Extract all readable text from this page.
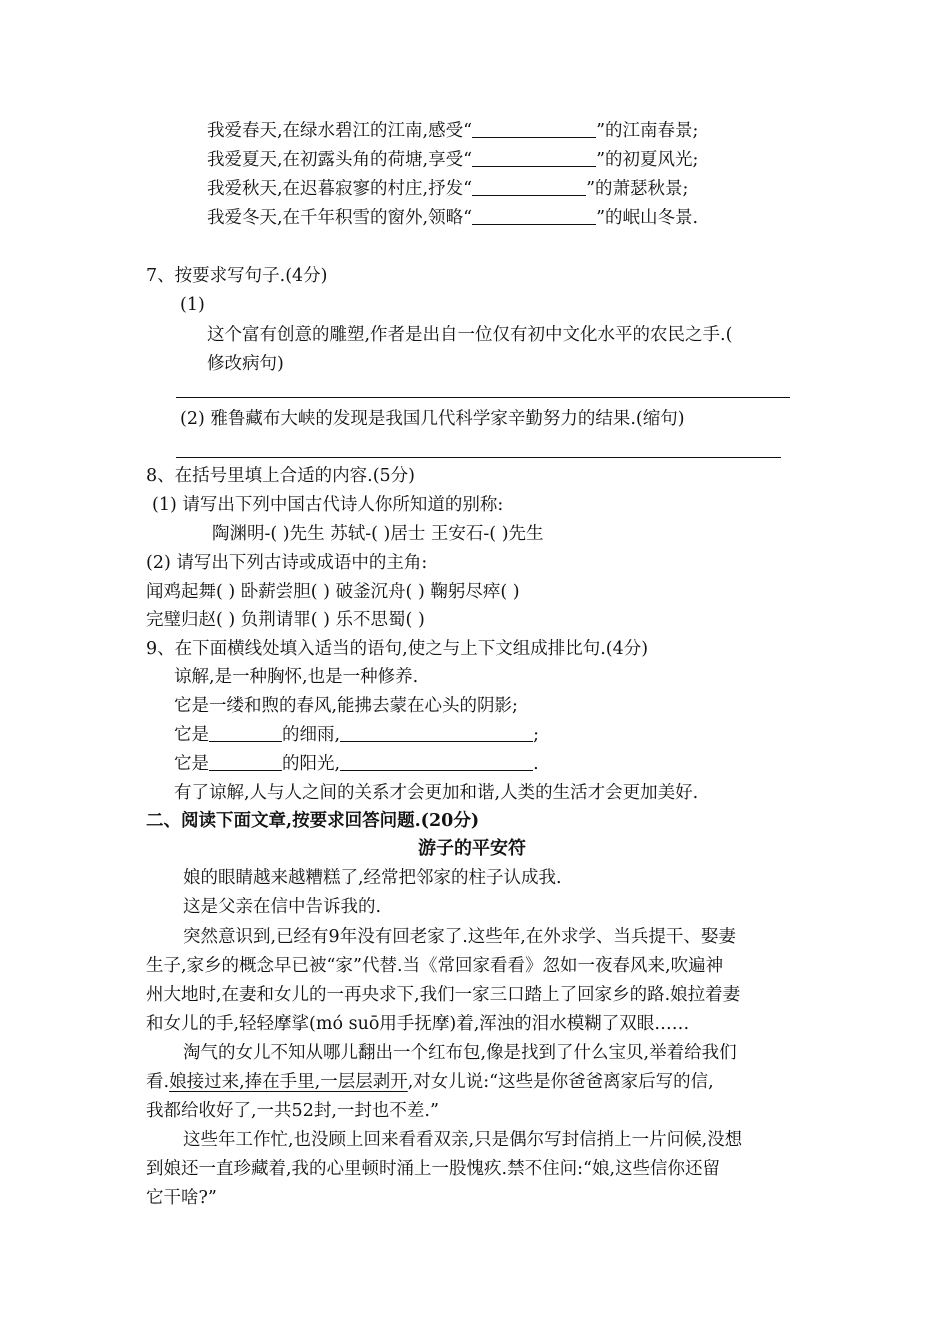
我爱春天,在绿水碧江的江南,感受“	”的江南春景;
我爱夏天,在初露头角的荷塘,享受“	”的初夏风光;
我爱秋天,在迟暮寂寥的村庄,抒发“	”的萧瑟秋景;
我爱冬天,在千年积雪的窗外,领略“	”的岷山冬景.
7、按要求写句子.(4分)
(1)
这个富有创意的雕塑,作者是出自一位仅有初中文化水平的农民之手.(
修改病句)
(2) 雅鲁藏布大峡的发现是我国几代科学家辛勤努力的结果.(缩句)
8、在括号里填上合适的内容.(5分)
(1) 请写出下列中国古代诗人你所知道的别称:
陶渊明-( )先生 苏轼-( )居士 王安石-( )先生
(2) 请写出下列古诗或成语中的主角:
闻鸡起舞( ) 卧薪尝胆( ) 破釜沉舟( ) 鞠躬尽瘁( )
完璧归赵( ) 负荆请罪( ) 乐不思蜀( )
9、在下面横线处填入适当的语句,使之与上下文组成排比句.(4分)
谅解,是一种胸怀,也是一种修养.
它是一缕和煦的春风,能拂去蒙在心头的阴影;
它是	的细雨,	;
它是	的阳光,	.
有了谅解,人与人之间的关系才会更加和谐,人类的生活才会更加美好.
二、阅读下面文章,按要求回答问题.(20分)
游子的平安符
娘的眼睛越来越糟糕了,经常把邻家的柱子认成我.
这是父亲在信中告诉我的.
突然意识到,已经有9年没有回老家了.这些年,在外求学、当兵提干、娶妻
生子,家乡的概念早已被“家”代替.当《常回家看看》忽如一夜春风来,吹遍神
州大地时,在妻和女儿的一再央求下,我们一家三口踏上了回家乡的路.娘拉着妻
和女儿的手,轻轻摩挲(mó suō用手抚摩)着,浑浊的泪水模糊了双眼……
淘气的女儿不知从哪儿翻出一个红布包,像是找到了什么宝贝,举着给我们
看.娘接过来,捧在手里,一层层剥开,对女儿说:“这些是你爸爸离家后写的信,
我都给收好了,一共52封,一封也不差.”
这些年工作忙,也没顾上回来看看双亲,只是偶尔写封信捎上一片问候,没想
到娘还一直珍藏着,我的心里顿时涌上一股愧疚.禁不住问:“娘,这些信你还留
它干啥?”
